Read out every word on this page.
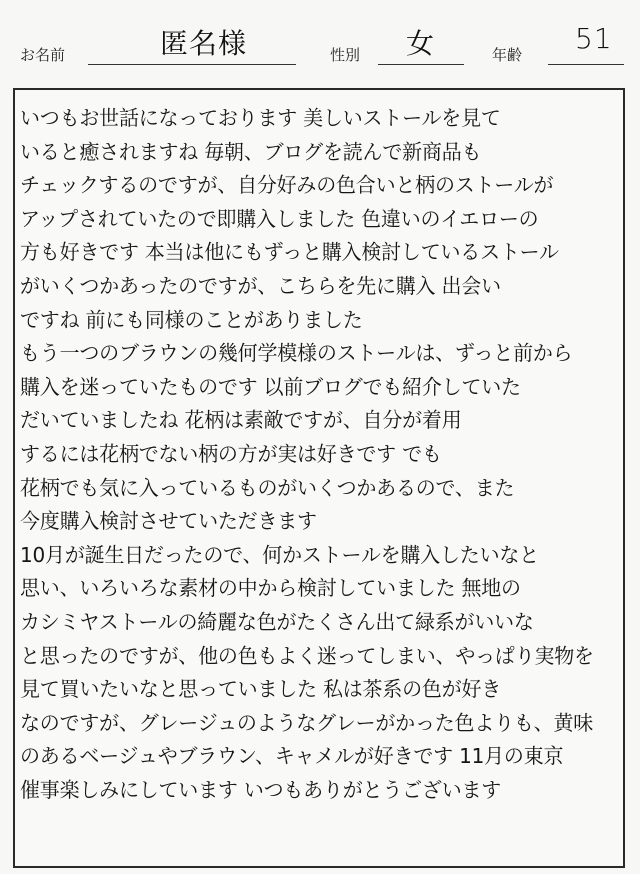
お名前	匿名様	性別 女	年齢 51
いつもお世話になっております 美しいストールを見て
いると癒されますね 毎朝、ブログを読んで新商品も
チェックするのですが、自分好みの色合いと柄のストールが
アップされていたので即購入しました 色違いのイエローの
方も好きです 本当は他にもずっと購入検討しているストール
がいくつかあったのですが、こちらを先に購入 出会い
ですね 前にも同様のことがありました
もう一つのブラウンの幾何学模様のストールは、ずっと前から
購入を迷っていたものです 以前ブログでも紹介していた
だいていましたね 花柄は素敵ですが、自分が着用
するには花柄でない柄の方が実は好きです でも
花柄でも気に入っているものがいくつかあるので、また
今度購入検討させていただきます
10月が誕生日だったので、何かストールを購入したいなと
思い、いろいろな素材の中から検討していました 無地の
カシミヤストールの綺麗な色がたくさん出て緑系がいいな
と思ったのですが、他の色もよく迷ってしまい、やっぱり実物を
見て買いたいなと思っていました 私は茶系の色が好き
なのですが、グレージュのようなグレーがかった色よりも、黄味
のあるベージュやブラウン、キャメルが好きです 11月の東京
催事楽しみにしています いつもありがとうございます
